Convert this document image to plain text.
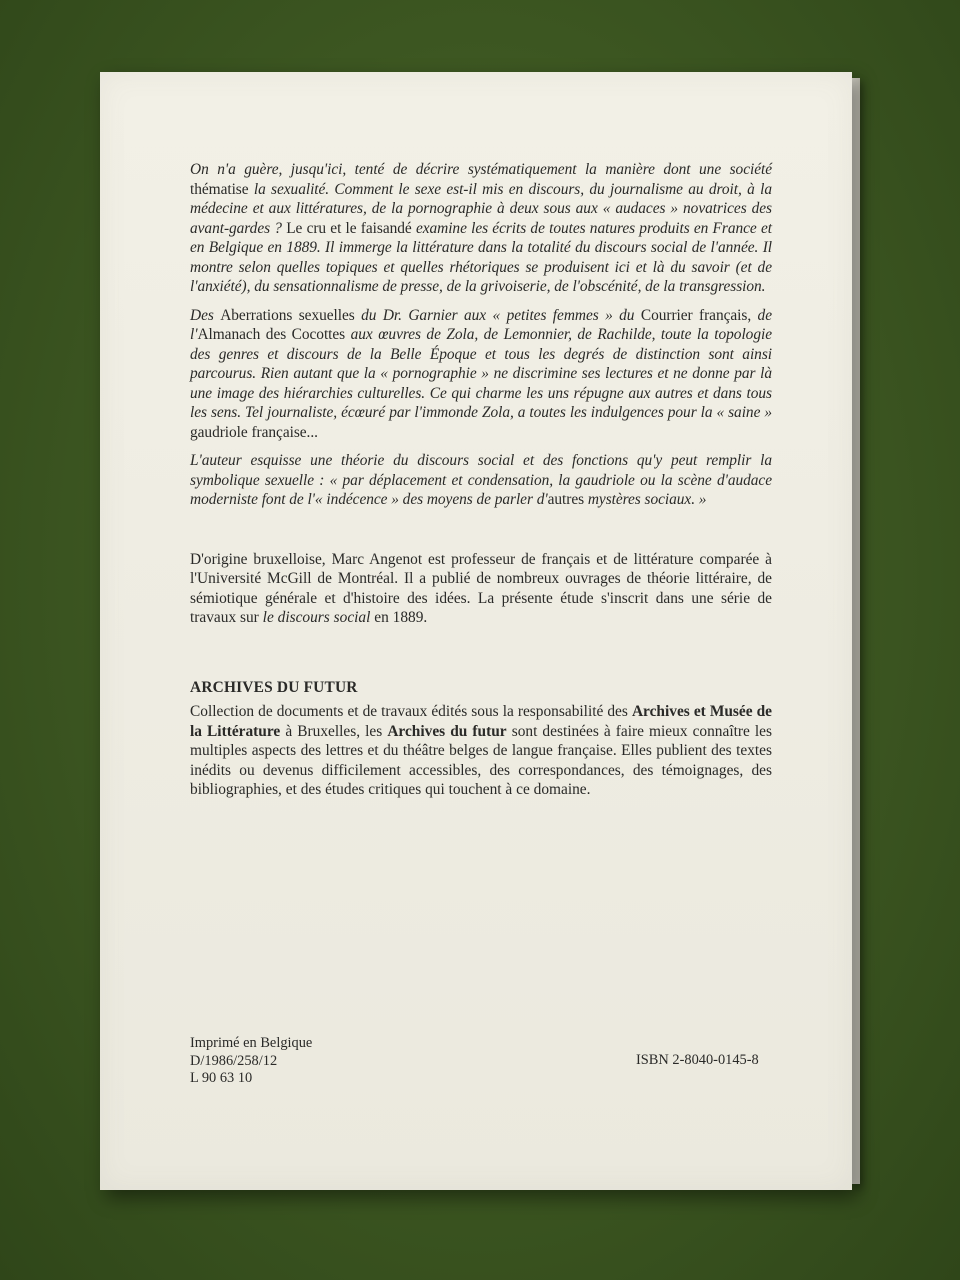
On n'a guère, jusqu'ici, tenté de décrire systématiquement la manière dont une société thématise la sexualité. Comment le sexe est-il mis en discours, du journalisme au droit, à la médecine et aux littératures, de la pornographie à deux sous aux « audaces » novatrices des avant-gardes ? Le cru et le faisandé examine les écrits de toutes natures produits en France et en Belgique en 1889. Il immerge la littérature dans la totalité du discours social de l'année. Il montre selon quelles topiques et quelles rhétoriques se produisent ici et là du savoir (et de l'anxiété), du sensationnalisme de presse, de la grivoiserie, de l'obscénité, de la transgression.

Des Aberrations sexuelles du Dr. Garnier aux « petites femmes » du Courrier français, de l'Almanach des Cocottes aux œuvres de Zola, de Lemonnier, de Rachilde, toute la topologie des genres et discours de la Belle Époque et tous les degrés de distinction sont ainsi parcourus. Rien autant que la « pornographie » ne discrimine ses lectures et ne donne par là une image des hiérarchies culturelles. Ce qui charme les uns répugne aux autres et dans tous les sens. Tel journaliste, écœuré par l'immonde Zola, a toutes les indulgences pour la « saine » gaudriole française...

L'auteur esquisse une théorie du discours social et des fonctions qu'y peut remplir la symbolique sexuelle : « par déplacement et condensation, la gaudriole ou la scène d'audace moderniste font de l'« indécence » des moyens de parler d'autres mystères sociaux. »

D'origine bruxelloise, Marc Angenot est professeur de français et de littérature comparée à l'Université McGill de Montréal. Il a publié de nombreux ouvrages de théorie littéraire, de sémiotique générale et d'histoire des idées. La présente étude s'inscrit dans une série de travaux sur le discours social en 1889.

ARCHIVES DU FUTUR

Collection de documents et de travaux édités sous la responsabilité des Archives et Musée de la Littérature à Bruxelles, les Archives du futur sont destinées à faire mieux connaître les multiples aspects des lettres et du théâtre belges de langue française. Elles publient des textes inédits ou devenus difficilement accessibles, des correspondances, des témoignages, des bibliographies, et des études critiques qui touchent à ce domaine.

Imprimé en Belgique
D/1986/258/12
L 90 63 10
ISBN 2-8040-0145-8
